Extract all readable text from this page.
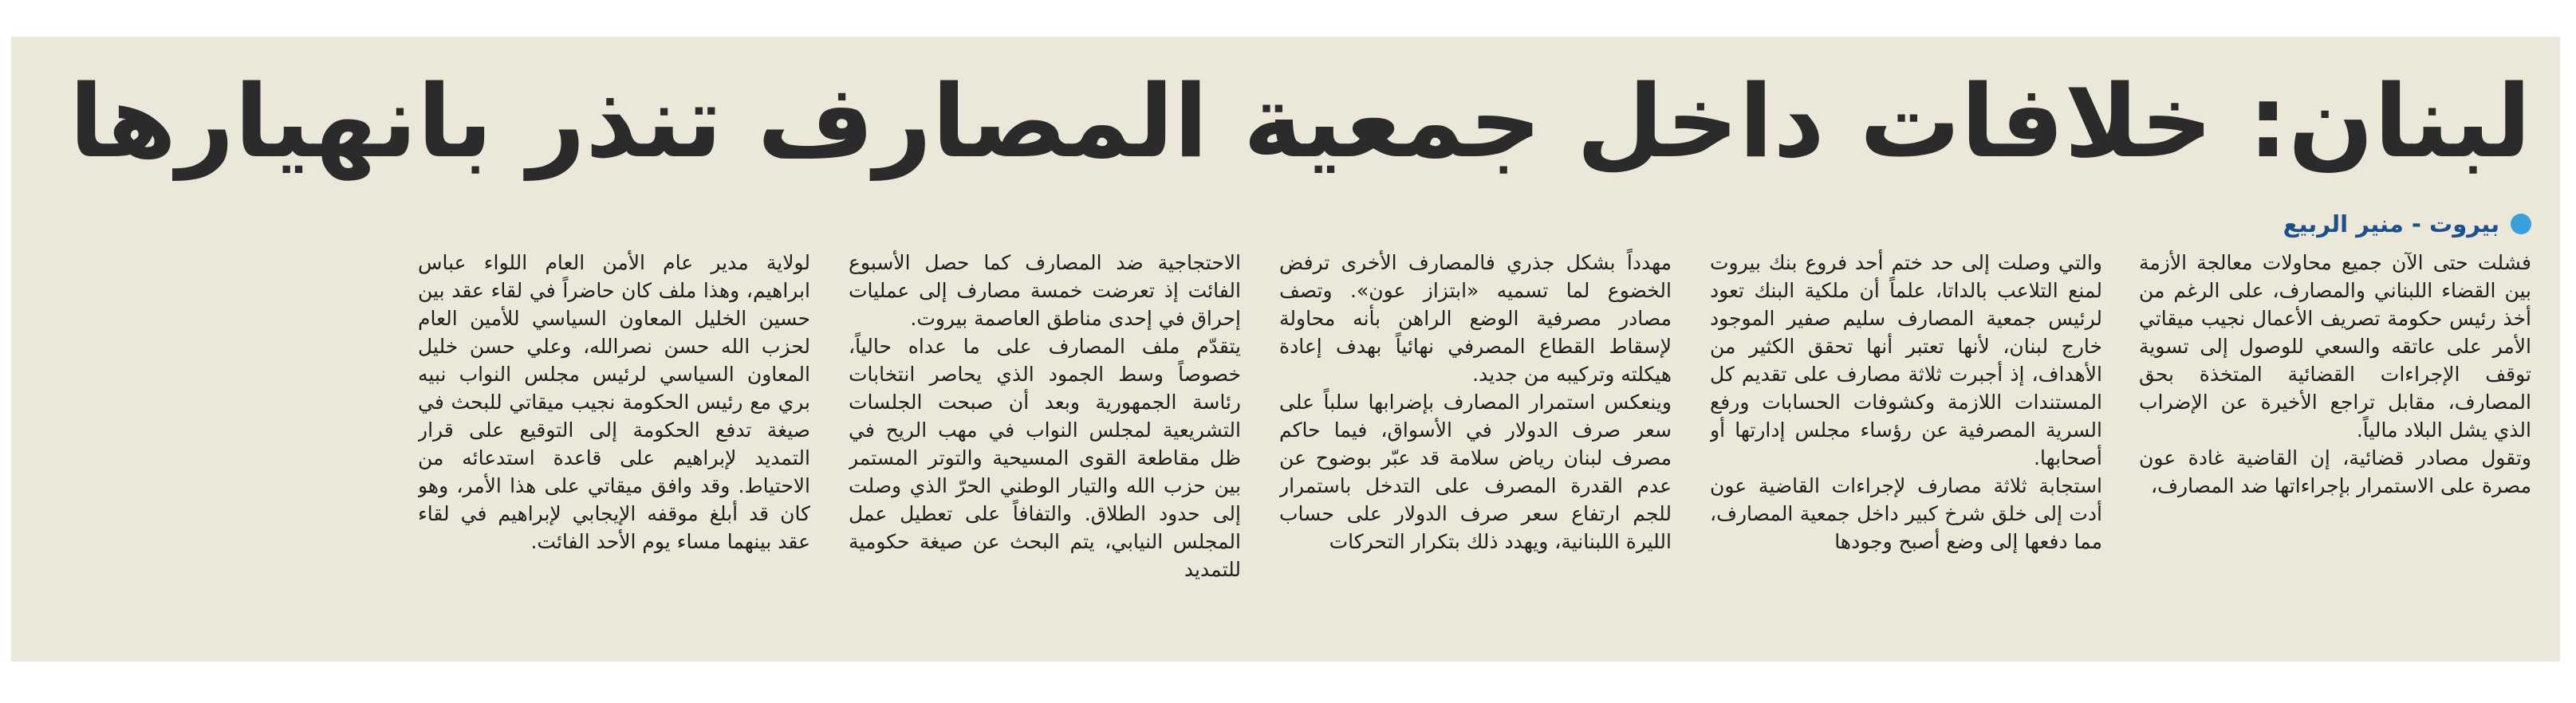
لبنان: خلافات داخل جمعية المصارف تنذر بانهيارها
بيروت - منير الربيع
فشلت حتى الآن جميع محاولات معالجة الأزمة بين القضاء اللبناني والمصارف، على الرغم من أخذ رئيس حكومة تصريف الأعمال نجيب ميقاتي الأمر على عاتقه والسعي للوصول إلى تسوية توقف الإجراءات القضائية المتخذة بحق المصارف، مقابل تراجع الأخيرة عن الإضراب الذي يشل البلاد مالياً.
وتقول مصادر قضائية، إن القاضية غادة عون مصرة على الاستمرار بإجراءاتها ضد المصارف،
والتي وصلت إلى حد ختم أحد فروع بنك بيروت لمنع التلاعب بالداتا، علماً أن ملكية البنك تعود لرئيس جمعية المصارف سليم صفير الموجود خارج لبنان، لأنها تعتبر أنها تحقق الكثير من الأهداف، إذ أجبرت ثلاثة مصارف على تقديم كل المستندات اللازمة وكشوفات الحسابات ورفع السرية المصرفية عن رؤساء مجلس إدارتها أو أصحابها.
استجابة ثلاثة مصارف لإجراءات القاضية عون أدت إلى خلق شرخ كبير داخل جمعية المصارف، مما دفعها إلى وضع أصبح وجودها
مهدداً بشكل جذري فالمصارف الأخرى ترفض الخضوع لما تسميه «ابتزاز عون». وتصف مصادر مصرفية الوضع الراهن بأنه محاولة لإسقاط القطاع المصرفي نهائياً بهدف إعادة هيكلته وتركيبه من جديد.
وينعكس استمرار المصارف بإضرابها سلباً على سعر صرف الدولار في الأسواق، فيما حاكم مصرف لبنان رياض سلامة قد عبّر بوضوح عن عدم القدرة المصرف على التدخل باستمرار للجم ارتفاع سعر صرف الدولار على حساب الليرة اللبنانية، ويهدد ذلك بتكرار التحركات
الاحتجاجية ضد المصارف كما حصل الأسبوع الفائت إذ تعرضت خمسة مصارف إلى عمليات إحراق في إحدى مناطق العاصمة بيروت.
يتقدّم ملف المصارف على ما عداه حالياً، خصوصاً وسط الجمود الذي يحاصر انتخابات رئاسة الجمهورية وبعد أن صبحت الجلسات التشريعية لمجلس النواب في مهب الريح في ظل مقاطعة القوى المسيحية والتوتر المستمر بين حزب الله والتيار الوطني الحرّ الذي وصلت إلى حدود الطلاق. والتفافاً على تعطيل عمل المجلس النيابي، يتم البحث عن صيغة حكومية للتمديد
لولاية مدير عام الأمن العام اللواء عباس ابراهيم، وهذا ملف كان حاضراً في لقاء عقد بين حسين الخليل المعاون السياسي للأمين العام لحزب الله حسن نصرالله، وعلي حسن خليل المعاون السياسي لرئيس مجلس النواب نبيه بري مع رئيس الحكومة نجيب ميقاتي للبحث في صيغة تدفع الحكومة إلى التوقيع على قرار التمديد لإبراهيم على قاعدة استدعائه من الاحتياط. وقد وافق ميقاتي على هذا الأمر، وهو كان قد أبلغ موقفه الإيجابي لإبراهيم في لقاء عقد بينهما مساء يوم الأحد الفائت.
